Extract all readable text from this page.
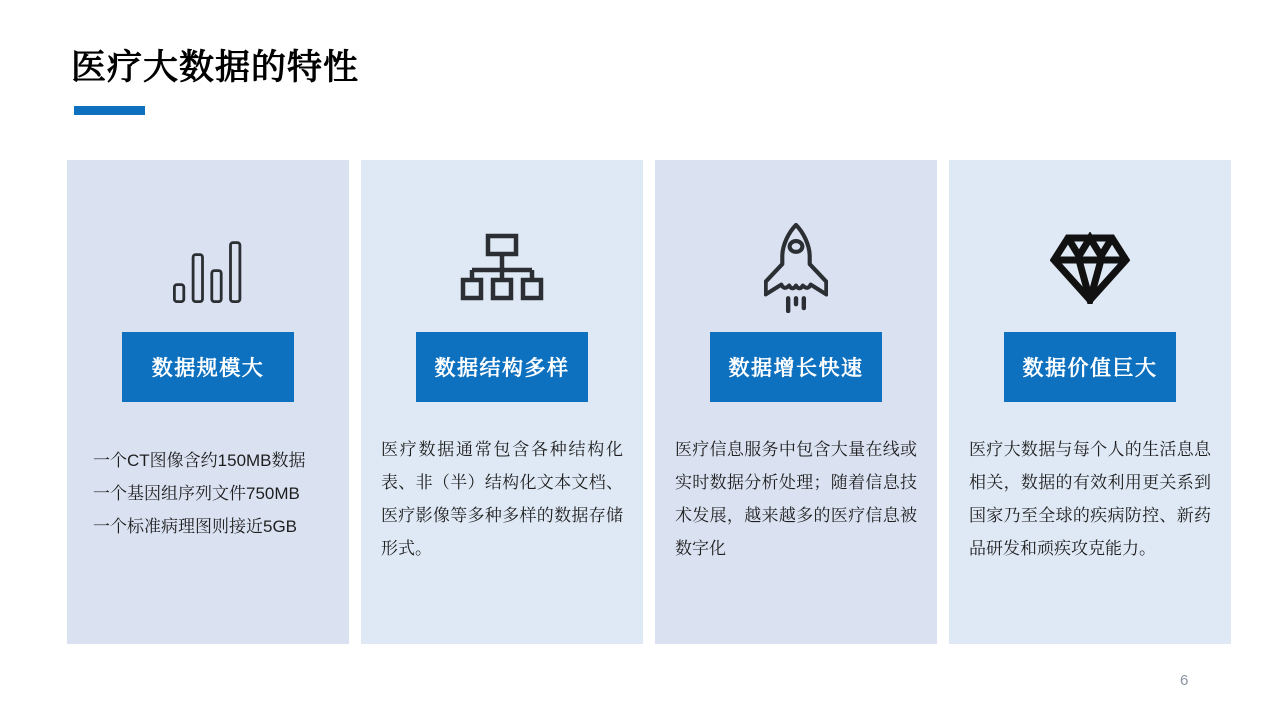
医疗大数据的特性
数据规模大
一个CT图像含约150MB数据
一个基因组序列文件750MB
一个标准病理图则接近5GB
数据结构多样
医疗数据通常包含各种结构化表、非（半）结构化文本文档、医疗影像等多种多样的数据存储形式。
数据增长快速
医疗信息服务中包含大量在线或实时数据分析处理；随着信息技术发展，越来越多的医疗信息被数字化
数据价值巨大
医疗大数据与每个人的生活息息相关，数据的有效利用更关系到国家乃至全球的疾病防控、新药品研发和顽疾攻克能力。
6
